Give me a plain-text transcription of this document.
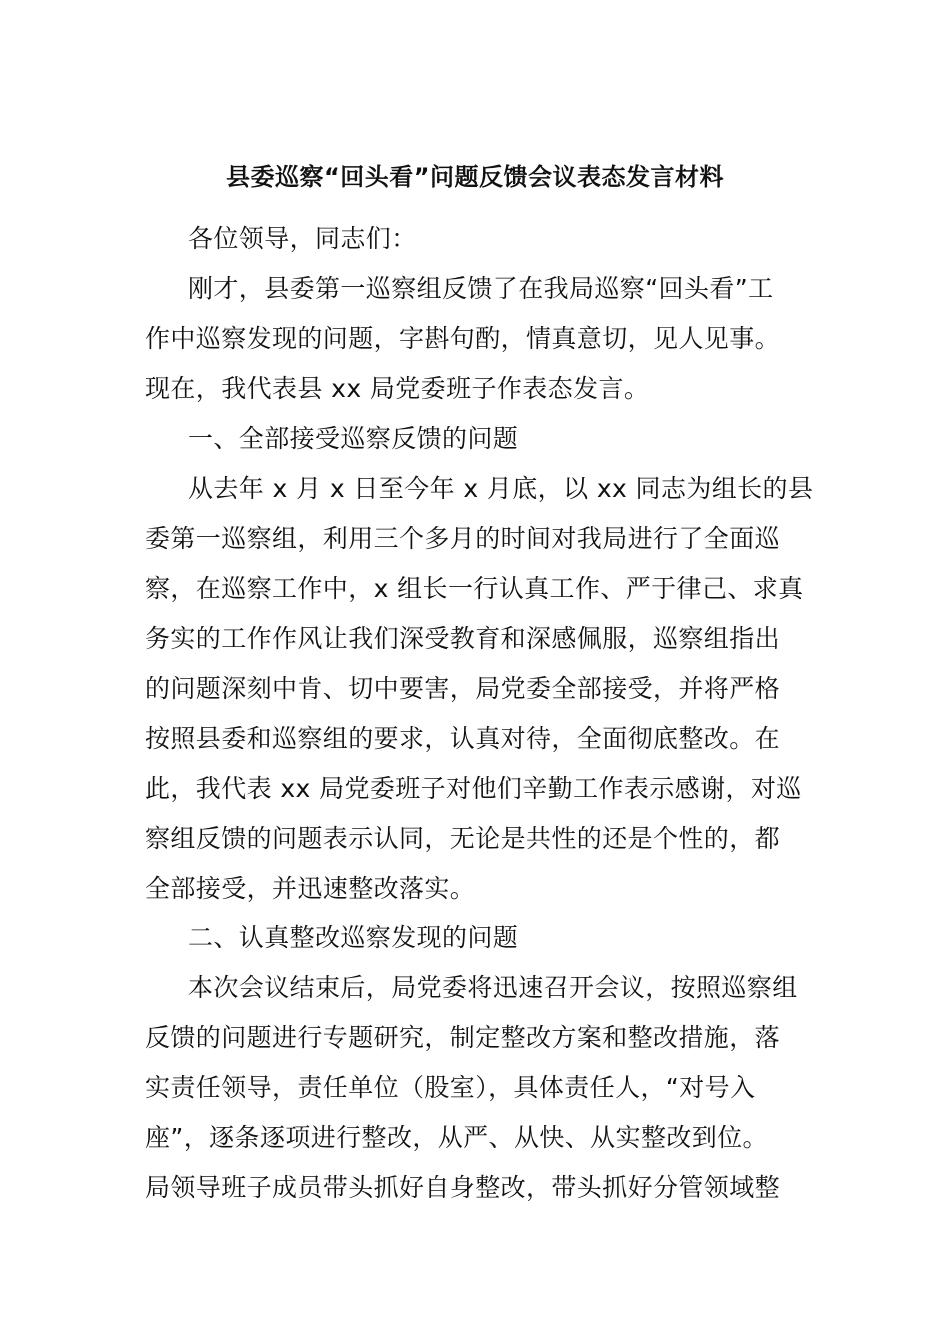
县委巡察“回头看”问题反馈会议表态发言材料
各位领导，同志们：
刚才，县委第一巡察组反馈了在我局巡察“回头看”工
作中巡察发现的问题，字斟句酌，情真意切，见人见事。
现在，我代表县 xx 局党委班子作表态发言。
一、全部接受巡察反馈的问题
从去年 x 月 x 日至今年 x 月底，以 xx 同志为组长的县
委第一巡察组，利用三个多月的时间对我局进行了全面巡
察，在巡察工作中，x 组长一行认真工作、严于律己、求真
务实的工作作风让我们深受教育和深感佩服，巡察组指出
的问题深刻中肯、切中要害，局党委全部接受，并将严格
按照县委和巡察组的要求，认真对待，全面彻底整改。在
此，我代表 xx 局党委班子对他们辛勤工作表示感谢，对巡
察组反馈的问题表示认同，无论是共性的还是个性的，都
全部接受，并迅速整改落实。
二、认真整改巡察发现的问题
本次会议结束后，局党委将迅速召开会议，按照巡察组
反馈的问题进行专题研究，制定整改方案和整改措施，落
实责任领导，责任单位（股室），具体责任人，“对号入
座”，逐条逐项进行整改，从严、从快、从实整改到位。
局领导班子成员带头抓好自身整改，带头抓好分管领域整
